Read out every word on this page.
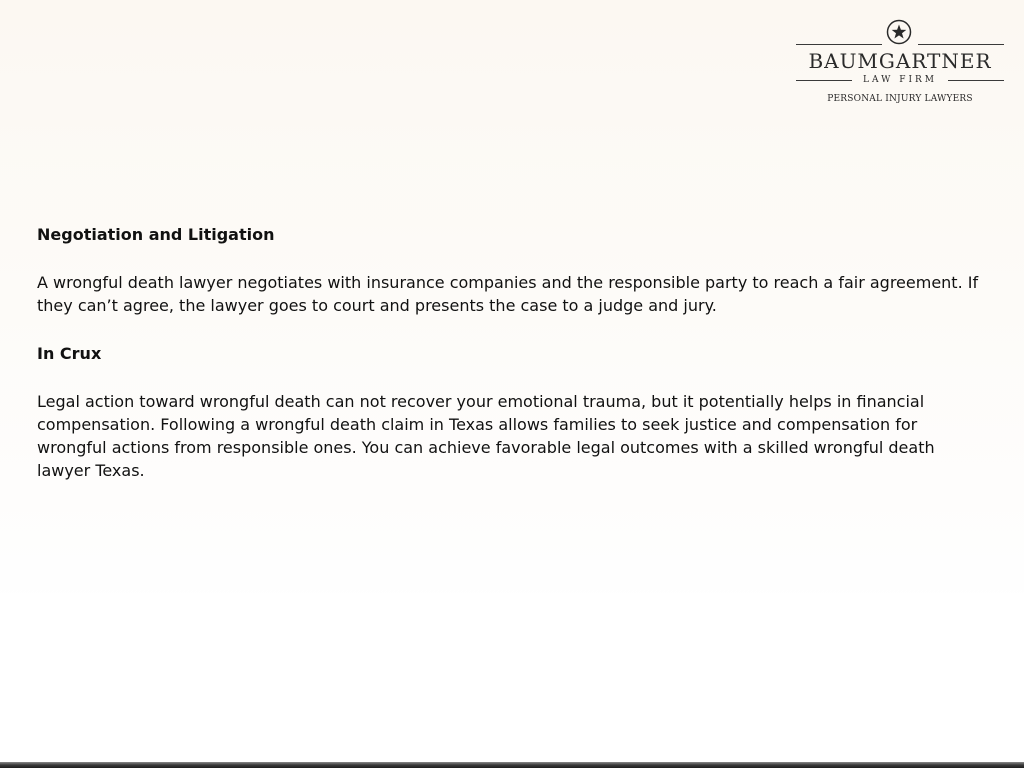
BAUMGARTNER
LAW FIRM
PERSONAL INJURY LAWYERS
Negotiation and Litigation

A wrongful death lawyer negotiates with insurance companies and the responsible party to reach a fair agreement. If they can’t agree, the lawyer goes to court and presents the case to a judge and jury.

In Crux

Legal action toward wrongful death can not recover your emotional trauma, but it potentially helps in financial compensation. Following a wrongful death claim in Texas allows families to seek justice and compensation for wrongful actions from responsible ones. You can achieve favorable legal outcomes with a skilled wrongful death lawyer Texas.
